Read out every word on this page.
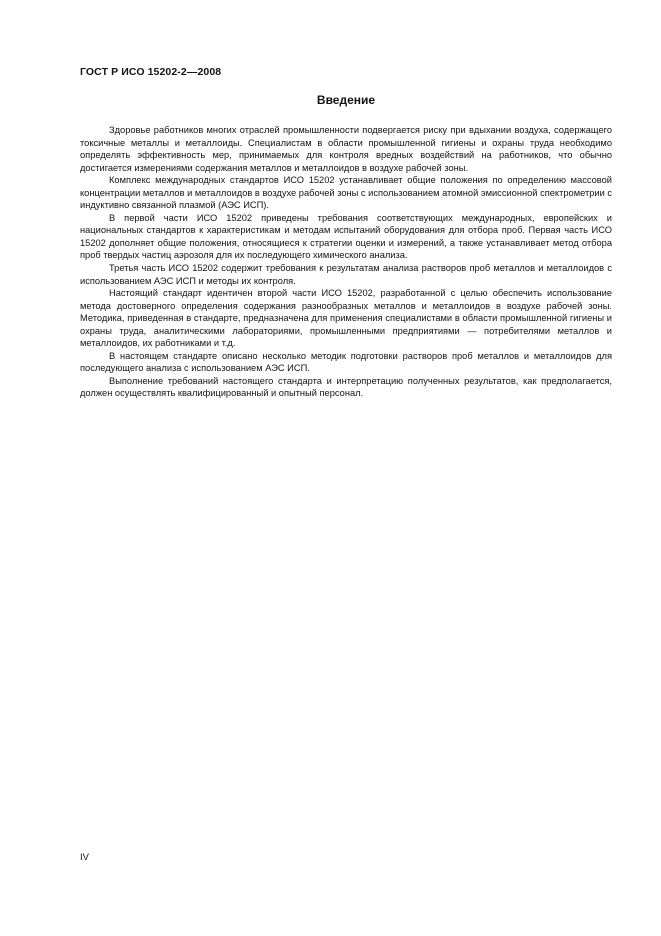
ГОСТ Р ИСО 15202-2—2008
Введение

Здоровье работников многих отраслей промышленности подвергается риску при вдыхании воздуха, содержащего токсичные металлы и металлоиды. Специалистам в области промышленной гигиены и охраны труда необходимо определять эффективность мер, принимаемых для контроля вредных воздействий на работников, что обычно достигается измерениями содержания металлов и металлоидов в воздухе рабочей зоны.

Комплекс международных стандартов ИСО 15202 устанавливает общие положения по определению массовой концентрации металлов и металлоидов в воздухе рабочей зоны с использованием атомной эмиссионной спектрометрии с индуктивно связанной плазмой (АЭС ИСП).

В первой части ИСО 15202 приведены требования соответствующих международных, европейских и национальных стандартов к характеристикам и методам испытаний оборудования для отбора проб. Первая часть ИСО 15202 дополняет общие положения, относящиеся к стратегии оценки и измерений, а также устанавливает метод отбора проб твердых частиц аэрозоля для их последующего химического анализа.

Третья часть ИСО 15202 содержит требования к результатам анализа растворов проб металлов и металлоидов с использованием АЭС ИСП и методы их контроля.

Настоящий стандарт идентичен второй части ИСО 15202, разработанной с целью обеспечить использование метода достоверного определения содержания разнообразных металлов и металлоидов в воздухе рабочей зоны. Методика, приведенная в стандарте, предназначена для применения специалистами в области промышленной гигиены и охраны труда, аналитическими лабораториями, промышленными предприятиями — потребителями металлов и металлоидов, их работниками и т.д.

В настоящем стандарте описано несколько методик подготовки растворов проб металлов и металлоидов для последующего анализа с использованием АЭС ИСП.

Выполнение требований настоящего стандарта и интерпретацию полученных результатов, как предполагается, должен осуществлять квалифицированный и опытный персонал.

IV
